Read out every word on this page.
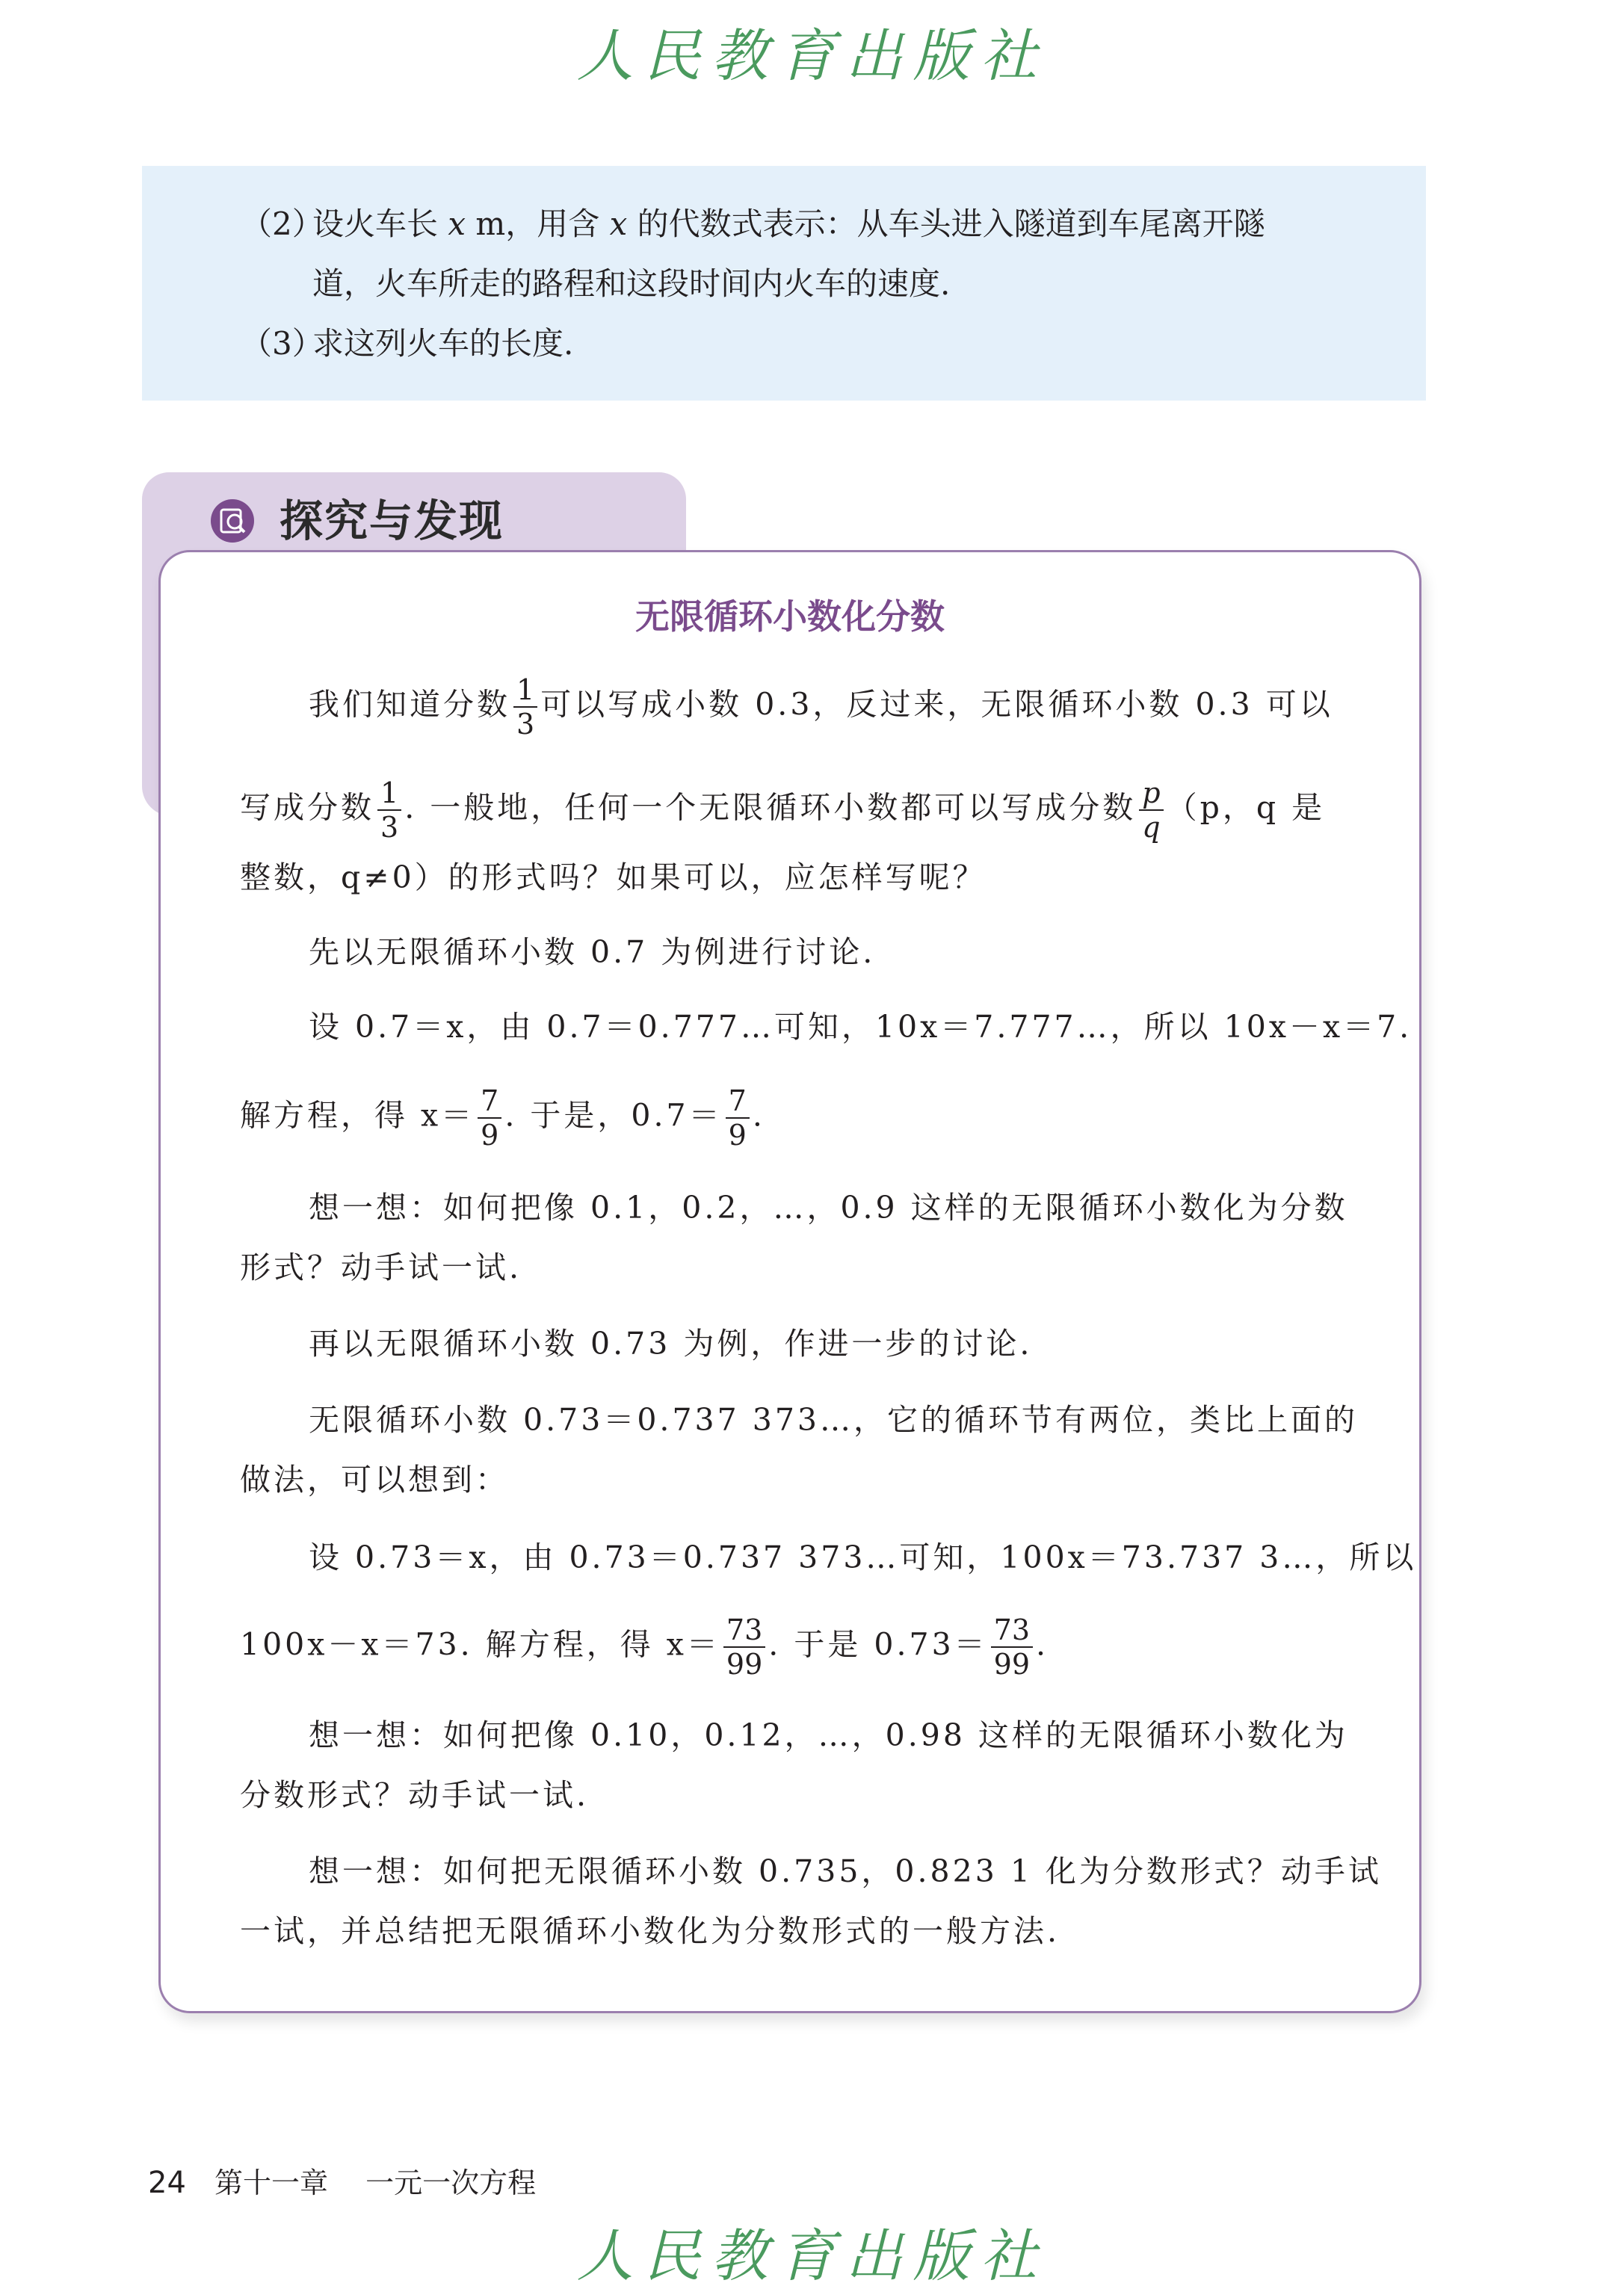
人民教育出版社
（2）
设火车长 x m，用含 x 的代数式表示：从车头进入隧道到车尾离开隧
道，火车所走的路程和这段时间内火车的速度.
（3）
求这列火车的长度.
探究与发现
无限循环小数化分数
我们知道分数 $\frac{1}{3}$ 可以写成小数 0.3，反过来，无限循环小数 0.3 可以
写成分数 $\frac{1}{3}$ . 一般地，任何一个无限循环小数都可以写成分数 $\frac{p}{q} (p$，q 是
整数，q≠0）的形式吗？如果可以，应怎样写呢？
先以无限循环小数 0.7 为例进行讨论.
设 0.7＝x，由 0.7＝0.777…可知，10x＝7.777…，所以 10x－x＝7.
解方程，得 $x= \frac{7}{9}$ . 于是，$0.7= \frac{7}{9}$ .
想一想：如何把像 0.1，0.2，…，0.9 这样的无限循环小数化为分数
形式？动手试一试.
再以无限循环小数 0.73 为例，作进一步的讨论.
无限循环小数 0.73＝0.737 373…，它的循环节有两位，类比上面的
做法，可以想到：
设 0.73＝x，由 0.73＝0.737 373…可知，100x＝73.737 3…，所以
100x－x＝73. 解方程，得 $x= \frac{73}{99}$ . 于是 $0.73= \frac{73}{99}$ .
想一想：如何把像 0.10，0.12，…，0.98 这样的无限循环小数化为
分数形式？动手试一试.
想一想：如何把无限循环小数 0.735，0.823 1 化为分数形式？动手试
一试，并总结把无限循环小数化为分数形式的一般方法.
24 第十一章 一元一次方程
人民教育出版社
